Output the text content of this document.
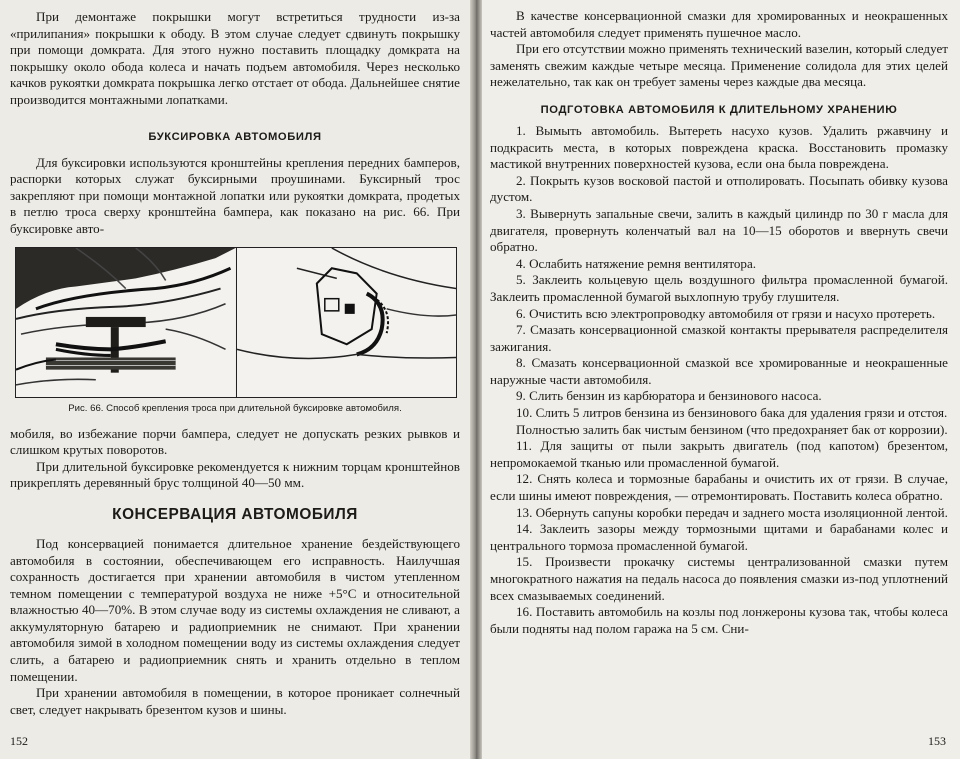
При демонтаже покрышки могут встретиться трудности из-за «прилипания» покрышки к ободу. В этом случае следует сдвинуть покрышку при помощи домкрата. Для этого нужно поставить площадку домкрата на покрышку около обода колеса и начать подъем автомобиля. Через несколько качков рукоятки домкрата покрышка легко отстает от обода. Дальнейшее снятие производится монтажными лопатками.

БУКСИРОВКА АВТОМОБИЛЯ

Для буксировки используются кронштейны крепления передних бамперов, распорки которых служат буксирными проушинами. Буксирный трос закрепляют при помощи монтажной лопатки или рукоятки домкрата, продетых в петлю троса сверху кронштейна бампера, как показано на рис. 66. При буксировке авто-

Рис. 66. Способ крепления троса при длительной буксировке автомобиля.

мобиля, во избежание порчи бампера, следует не допускать резких рывков и слишком крутых поворотов.

При длительной буксировке рекомендуется к нижним торцам кронштейнов прикреплять деревянный брус толщиной 40—50 мм.

КОНСЕРВАЦИЯ АВТОМОБИЛЯ

Под консервацией понимается длительное хранение бездействующего автомобиля в состоянии, обеспечивающем его исправность. Наилучшая сохранность достигается при хранении автомобиля в чистом утепленном темном помещении с температурой воздуха не ниже +5°С и относительной влажностью 40—70%. В этом случае воду из системы охлаждения не сливают, а аккумуляторную батарею и радиоприемник не снимают. При хранении автомобиля зимой в холодном помещении воду из системы охлаждения следует слить, а батарею и радиоприемник снять и хранить отдельно в теплом помещении.

При хранении автомобиля в помещении, в которое проникает солнечный свет, следует накрывать брезентом кузов и шины.

152

В качестве консервационной смазки для хромированных и неокрашенных частей автомобиля следует применять пушечное масло.

При его отсутствии можно применять технический вазелин, который следует заменять свежим каждые четыре месяца. Применение солидола для этих целей нежелательно, так как он требует замены через каждые два месяца.

ПОДГОТОВКА АВТОМОБИЛЯ К ДЛИТЕЛЬНОМУ ХРАНЕНИЮ

1. Вымыть автомобиль. Вытереть насухо кузов. Удалить ржавчину и подкрасить места, в которых повреждена краска. Восстановить промазку мастикой внутренних поверхностей кузова, если она была повреждена.

2. Покрыть кузов восковой пастой и отполировать. Посыпать обивку кузова дустом.

3. Вывернуть запальные свечи, залить в каждый цилиндр по 30 г масла для двигателя, провернуть коленчатый вал на 10—15 оборотов и ввернуть свечи обратно.

4. Ослабить натяжение ремня вентилятора.

5. Заклеить кольцевую щель воздушного фильтра промасленной бумагой. Заклеить промасленной бумагой выхлопную трубу глушителя.

6. Очистить всю электропроводку автомобиля от грязи и насухо протереть.

7. Смазать консервационной смазкой контакты прерывателя распределителя зажигания.

8. Смазать консервационной смазкой все хромированные и неокрашенные наружные части автомобиля.

9. Слить бензин из карбюратора и бензинового насоса.

10. Слить 5 литров бензина из бензинового бака для удаления грязи и отстоя.

Полностью залить бак чистым бензином (что предохраняет бак от коррозии).

11. Для защиты от пыли закрыть двигатель (под капотом) брезентом, непромокаемой тканью или промасленной бумагой.

12. Снять колеса и тормозные барабаны и очистить их от грязи. В случае, если шины имеют повреждения, — отремонтировать. Поставить колеса обратно.

13. Обернуть сапуны коробки передач и заднего моста изоляционной лентой.

14. Заклеить зазоры между тормозными щитами и барабанами колес и центрального тормоза промасленной бумагой.

15. Произвести прокачку системы централизованной смазки путем многократного нажатия на педаль насоса до появления смазки из-под уплотнений всех смазываемых соединений.

16. Поставить автомобиль на козлы под лонжероны кузова так, чтобы колеса были подняты над полом гаража на 5 см. Сни-

153
